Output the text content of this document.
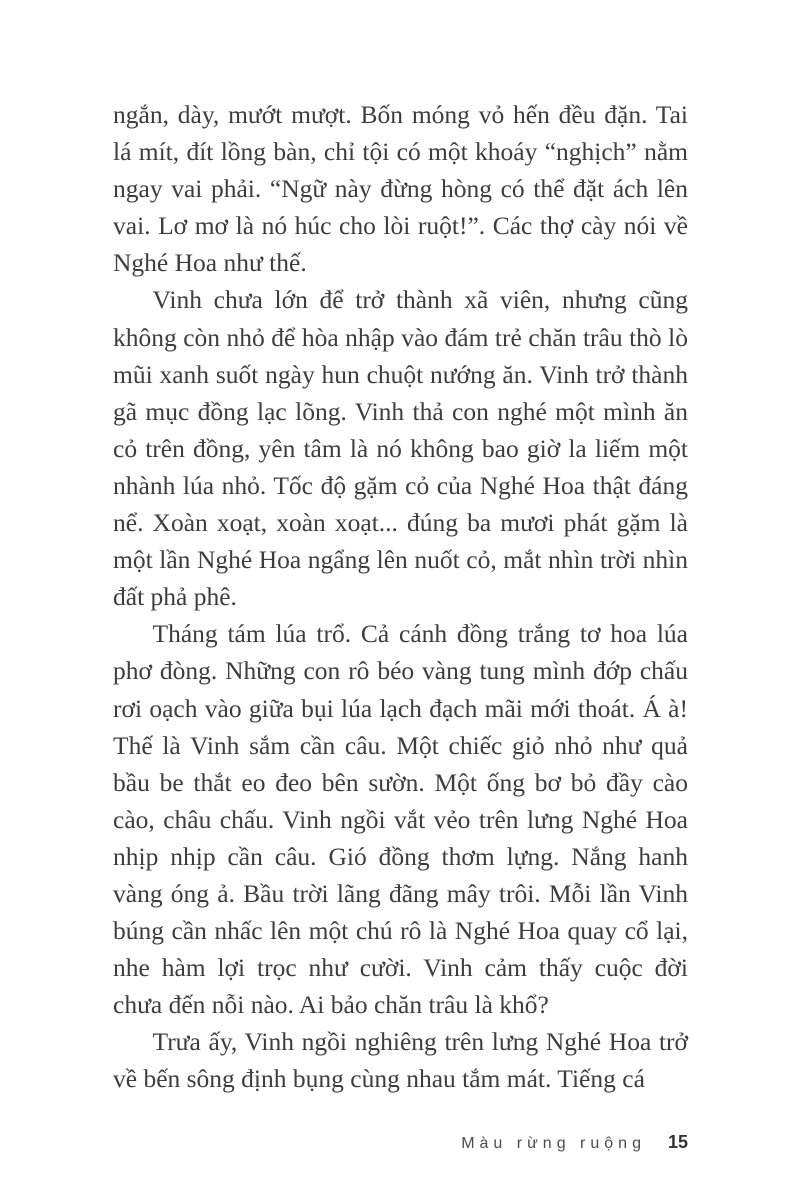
ngắn, dày, mướt mượt. Bốn móng vỏ hến đều đặn. Tai lá mít, đít lồng bàn, chỉ tội có một khoáy “nghịch” nằm ngay vai phải. “Ngữ này đừng hòng có thể đặt ách lên vai. Lơ mơ là nó húc cho lòi ruột!”. Các thợ cày nói về Nghé Hoa như thế.

Vinh chưa lớn để trở thành xã viên, nhưng cũng không còn nhỏ để hòa nhập vào đám trẻ chăn trâu thò lò mũi xanh suốt ngày hun chuột nướng ăn. Vinh trở thành gã mục đồng lạc lõng. Vinh thả con nghé một mình ăn cỏ trên đồng, yên tâm là nó không bao giờ la liếm một nhành lúa nhỏ. Tốc độ gặm cỏ của Nghé Hoa thật đáng nể. Xoàn xoạt, xoàn xoạt... đúng ba mươi phát gặm là một lần Nghé Hoa ngẩng lên nuốt cỏ, mắt nhìn trời nhìn đất phả phê.

Tháng tám lúa trổ. Cả cánh đồng trắng tơ hoa lúa phơ đòng. Những con rô béo vàng tung mình đớp chấu rơi oạch vào giữa bụi lúa lạch đạch mãi mới thoát. Á à! Thế là Vinh sắm cần câu. Một chiếc giỏ nhỏ như quả bầu be thắt eo đeo bên sườn. Một ống bơ bỏ đầy cào cào, châu chấu. Vinh ngồi vắt vẻo trên lưng Nghé Hoa nhịp nhịp cần câu. Gió đồng thơm lựng. Nắng hanh vàng óng ả. Bầu trời lãng đãng mây trôi. Mỗi lần Vinh búng cần nhấc lên một chú rô là Nghé Hoa quay cổ lại, nhe hàm lợi trọc như cười. Vinh cảm thấy cuộc đời chưa đến nỗi nào. Ai bảo chăn trâu là khổ?

Trưa ấy, Vinh ngồi nghiêng trên lưng Nghé Hoa trở về bến sông định bụng cùng nhau tắm mát. Tiếng cá

Màu rừng ruộng 15
